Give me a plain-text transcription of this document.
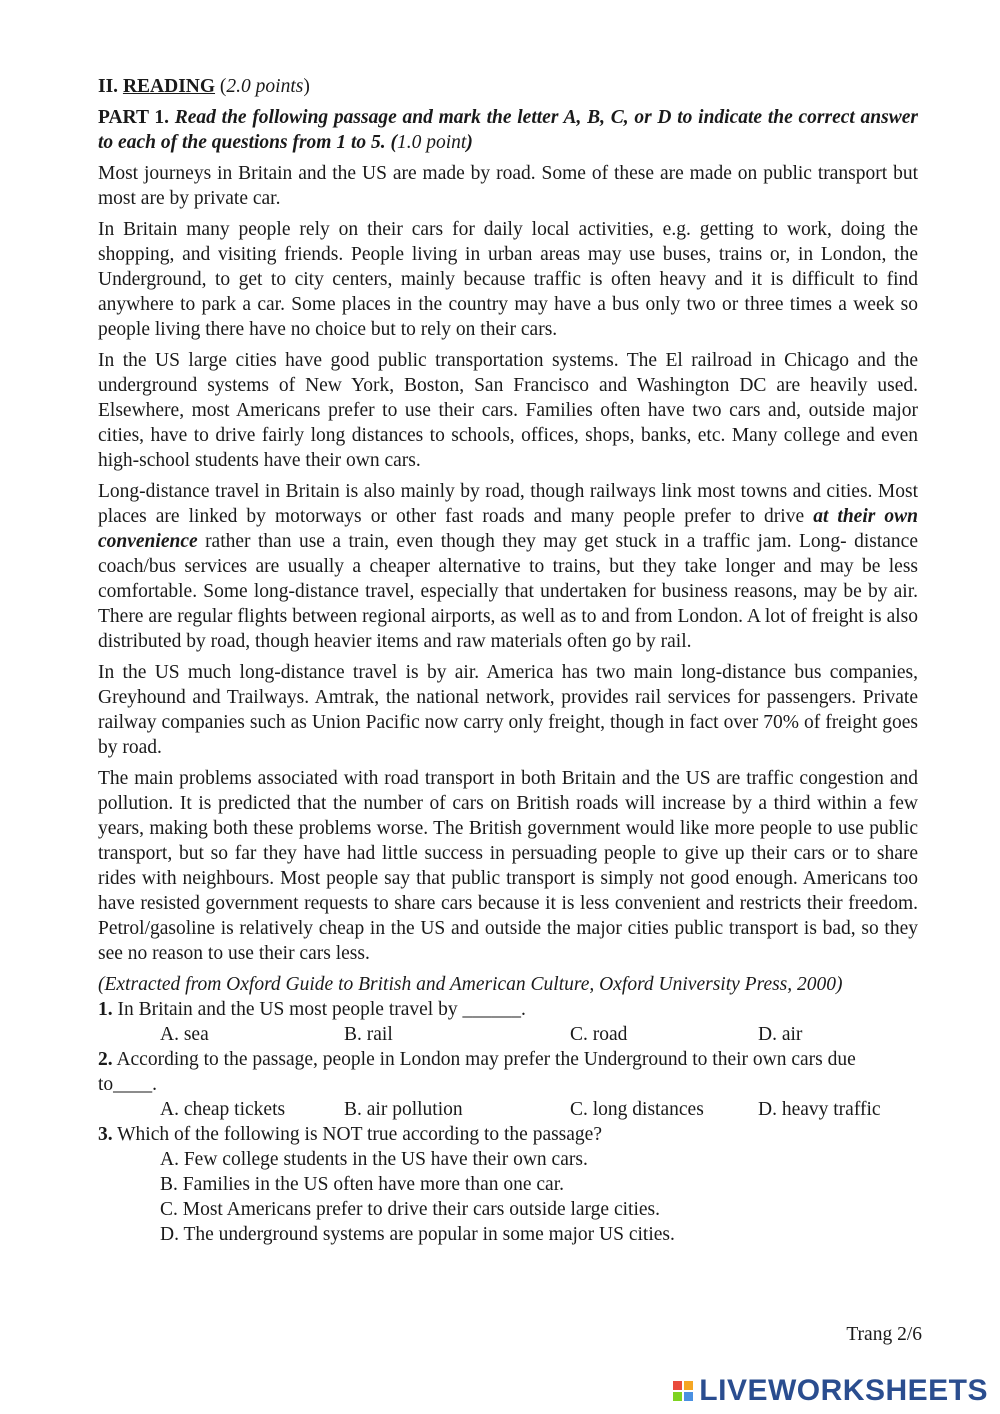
II. READING (2.0 points)

PART 1. Read the following passage and mark the letter A, B, C, or D to indicate the correct answer to each of the questions from 1 to 5. (1.0 point)

Most journeys in Britain and the US are made by road. Some of these are made on public transport but most are by private car.

In Britain many people rely on their cars for daily local activities, e.g. getting to work, doing the shopping, and visiting friends. People living in urban areas may use buses, trains or, in London, the Underground, to get to city centers, mainly because traffic is often heavy and it is difficult to find anywhere to park a car. Some places in the country may have a bus only two or three times a week so people living there have no choice but to rely on their cars.

In the US large cities have good public transportation systems. The El railroad in Chicago and the underground systems of New York, Boston, San Francisco and Washington DC are heavily used. Elsewhere, most Americans prefer to use their cars. Families often have two cars and, outside major cities, have to drive fairly long distances to schools, offices, shops, banks, etc. Many college and even high-school students have their own cars.

Long-distance travel in Britain is also mainly by road, though railways link most towns and cities. Most places are linked by motorways or other fast roads and many people prefer to drive at their own convenience rather than use a train, even though they may get stuck in a traffic jam. Long- distance coach/bus services are usually a cheaper alternative to trains, but they take longer and may be less comfortable. Some long-distance travel, especially that undertaken for business reasons, may be by air. There are regular flights between regional airports, as well as to and from London. A lot of freight is also distributed by road, though heavier items and raw materials often go by rail.

In the US much long-distance travel is by air. America has two main long-distance bus companies, Greyhound and Trailways. Amtrak, the national network, provides rail services for passengers. Private railway companies such as Union Pacific now carry only freight, though in fact over 70% of freight goes by road.

The main problems associated with road transport in both Britain and the US are traffic congestion and pollution. It is predicted that the number of cars on British roads will increase by a third within a few years, making both these problems worse. The British government would like more people to use public transport, but so far they have had little success in persuading people to give up their cars or to share rides with neighbours. Most people say that public transport is simply not good enough. Americans too have resisted government requests to share cars because it is less convenient and restricts their freedom. Petrol/gasoline is relatively cheap in the US and outside the major cities public transport is bad, so they see no reason to use their cars less.

(Extracted from Oxford Guide to British and American Culture, Oxford University Press, 2000)

1. In Britain and the US most people travel by ______.

A. sea	B. rail	C. road	D. air

2. According to the passage, people in London may prefer the Underground to their own cars due to____.

A. cheap tickets	B. air pollution	C. long distances	D. heavy traffic

3. Which of the following is NOT true according to the passage?

A. Few college students in the US have their own cars.
B. Families in the US often have more than one car.
C. Most Americans prefer to drive their cars outside large cities.
D. The underground systems are popular in some major US cities.
Trang 2/6
LIVEWORKSHEETS
